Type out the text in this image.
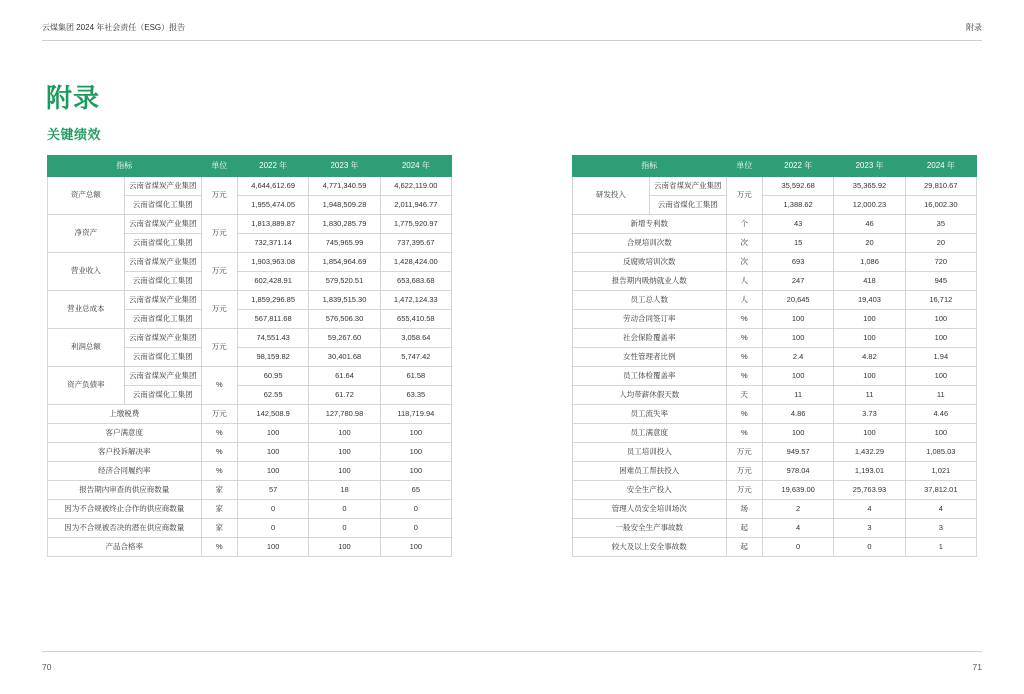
云煤集团 2024 年社会责任（ESG）报告	附录
附录
关键绩效
指标		单位	2022 年	2023 年	2024 年
资产总额	云南省煤炭产业集团	万元	4,644,612.69	4,771,340.59	4,622,119.00
	云南省煤化工集团		1,955,474.05	1,948,509.28	2,011,946.77
净资产	云南省煤炭产业集团	万元	1,813,889.87	1,830,285.79	1,775,920.97
	云南省煤化工集团		732,371.14	745,965.99	737,395.67
营业收入	云南省煤炭产业集团	万元	1,903,963.08	1,854,964.69	1,428,424.00
	云南省煤化工集团		602,428.91	579,520.51	653,683.68
营业总成本	云南省煤炭产业集团	万元	1,859,296.85	1,839,515.30	1,472,124.33
	云南省煤化工集团		567,811.68	576,506.30	655,410.58
利润总额	云南省煤炭产业集团	万元	74,551.43	59,267.60	3,058.64
	云南省煤化工集团		98,159.82	30,401.68	5,747.42
资产负债率	云南省煤炭产业集团	%	60.95	61.64	61.58
	云南省煤化工集团		62.55	61.72	63.35
上缴税费		万元	142,508.9	127,780.98	118,719.94
客户满意度		%	100	100	100
客户投诉解决率		%	100	100	100
经济合同履约率		%	100	100	100
报告期内审查的供应商数量		家	57	18	65
因为不合规被终止合作的供应商数量		家	0	0	0
因为不合规被否决的潜在供应商数量		家	0	0	0
产品合格率		%	100	100	100
指标		单位	2022 年	2023 年	2024 年
研发投入	云南省煤炭产业集团	万元	35,592.68	35,365.92	29,810.67
	云南省煤化工集团		1,388.62	12,000.23	16,002.30
新增专利数		个	43	46	35
合规培训次数		次	15	20	20
反腐败培训次数		次	693	1,086	720
报告期内吸纳就业人数		人	247	418	945
员工总人数		人	20,645	19,403	16,712
劳动合同签订率		%	100	100	100
社会保险覆盖率		%	100	100	100
女性管理者比例		%	2.4	4.82	1.94
员工体检覆盖率		%	100	100	100
人均带薪休假天数		天	11	11	11
员工流失率		%	4.86	3.73	4.46
员工满意度		%	100	100	100
员工培训投入		万元	949.57	1,432.29	1,085.03
困难员工帮扶投入		万元	978.04	1,193.01	1,021
安全生产投入		万元	19,639.00	25,763.93	37,812.01
管理人员安全培训场次		场	2	4	4
一般安全生产事故数		起	4	3	3
较大及以上安全事故数		起	0	0	1
70	71
